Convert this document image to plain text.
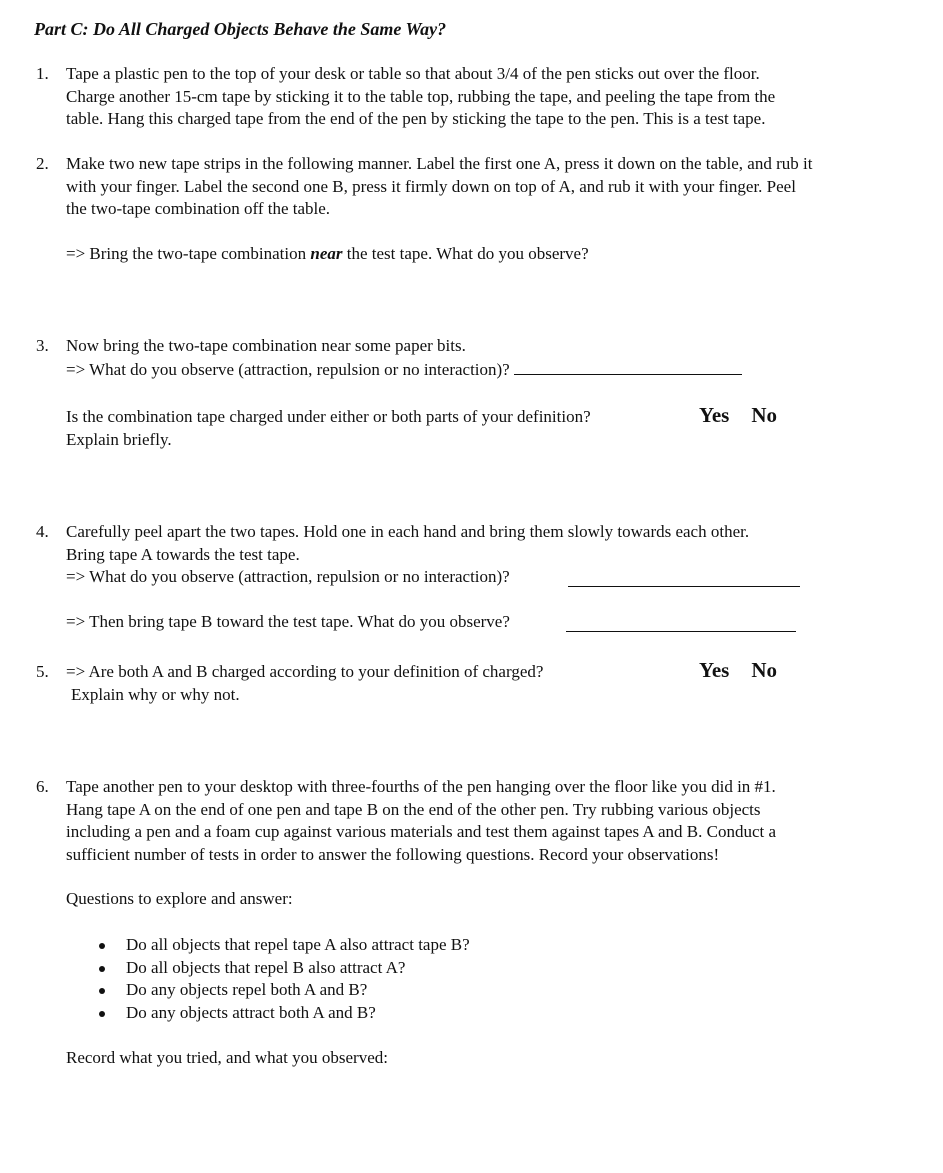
Part C: Do All Charged Objects Behave the Same Way?
1. Tape a plastic pen to the top of your desk or table so that about 3/4 of the pen sticks out over the floor.
Charge another 15-cm tape by sticking it to the table top, rubbing the tape, and peeling the tape from the
table. Hang this charged tape from the end of the pen by sticking the tape to the pen. This is a test tape.
2. Make two new tape strips in the following manner. Label the first one A, press it down on the table, and rub it
with your finger. Label the second one B, press it firmly down on top of A, and rub it with your finger. Peel
the two-tape combination off the table.
=> Bring the two-tape combination near the test tape. What do you observe?
3. Now bring the two-tape combination near some paper bits.
=> What do you observe (attraction, repulsion or no interaction)?
Is the combination tape charged under either or both parts of your definition?
Explain briefly.
Yes No
4. Carefully peel apart the two tapes. Hold one in each hand and bring them slowly towards each other.
Bring tape A towards the test tape.
=> What do you observe (attraction, repulsion or no interaction)?
=> Then bring tape B toward the test tape. What do you observe?
5. => Are both A and B charged according to your definition of charged?
Explain why or why not.
Yes No
6. Tape another pen to your desktop with three-fourths of the pen hanging over the floor like you did in #1.
Hang tape A on the end of one pen and tape B on the end of the other pen. Try rubbing various objects
including a pen and a foam cup against various materials and test them against tapes A and B. Conduct a
sufficient number of tests in order to answer the following questions. Record your observations!
Questions to explore and answer:
Do all objects that repel tape A also attract tape B?
Do all objects that repel B also attract A?
Do any objects repel both A and B?
Do any objects attract both A and B?
Record what you tried, and what you observed:
